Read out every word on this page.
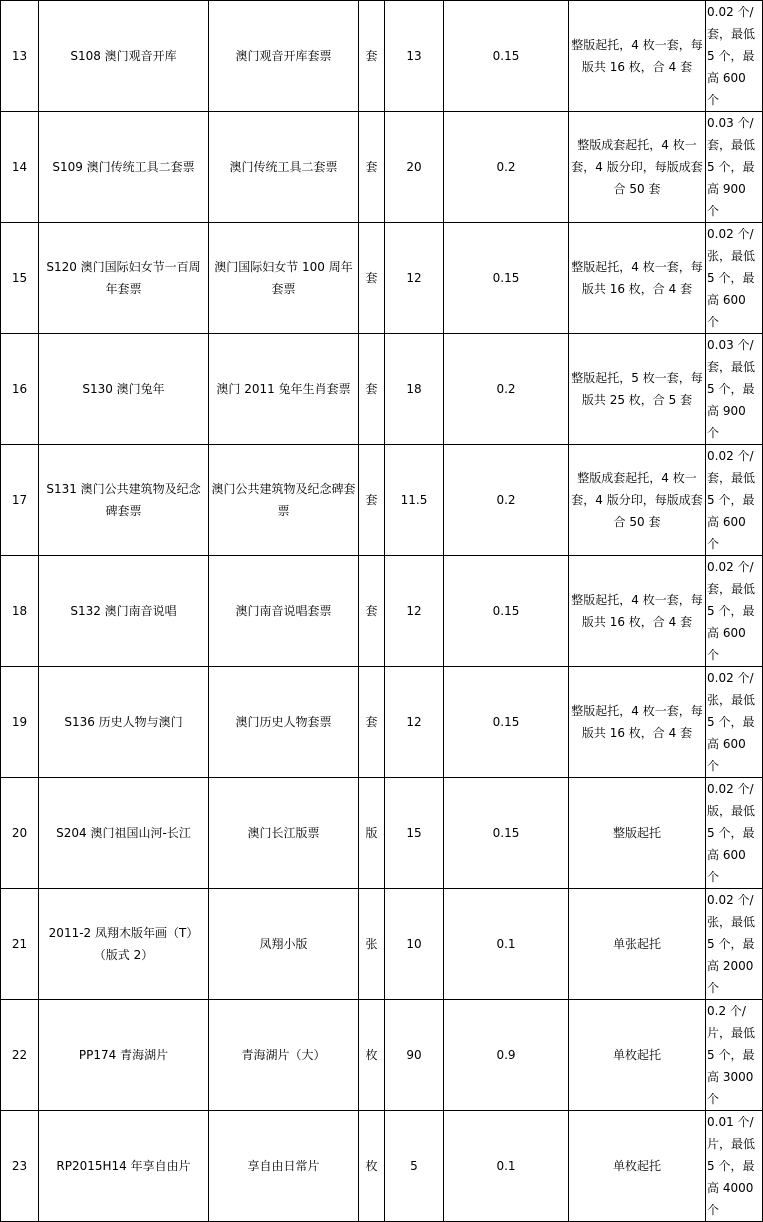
13	S108 澳门观音开库	澳门观音开库套票	套	13	0.15	整版起托，4 枚一套，每版共 16 枚，合 4 套	0.02 个/套，最低 5 个，最高 600 个
14	S109 澳门传统工具二套票	澳门传统工具二套票	套	20	0.2	整版成套起托，4 枚一套，4 版分印，每版成套合 50 套	0.03 个/套，最低 5 个，最高 900 个
15	S120 澳门国际妇女节一百周年套票	澳门国际妇女节 100 周年套票	套	12	0.15	整版起托，4 枚一套，每版共 16 枚，合 4 套	0.02 个/张，最低 5 个，最高 600 个
16	S130 澳门兔年	澳门 2011 兔年生肖套票	套	18	0.2	整版起托，5 枚一套，每版共 25 枚，合 5 套	0.03 个/套，最低 5 个，最高 900 个
17	S131 澳门公共建筑物及纪念碑套票	澳门公共建筑物及纪念碑套票	套	11.5	0.2	整版成套起托，4 枚一套，4 版分印，每版成套合 50 套	0.02 个/套，最低 5 个，最高 600 个
18	S132 澳门南音说唱	澳门南音说唱套票	套	12	0.15	整版起托，4 枚一套，每版共 16 枚，合 4 套	0.02 个/套，最低 5 个，最高 600 个
19	S136 历史人物与澳门	澳门历史人物套票	套	12	0.15	整版起托，4 枚一套，每版共 16 枚，合 4 套	0.02 个/张，最低 5 个，最高 600 个
20	S204 澳门祖国山河-长江	澳门长江版票	版	15	0.15	整版起托	0.02 个/版，最低 5 个，最高 600 个
21	2011-2 凤翔木版年画（T）（版式 2）	凤翔小版	张	10	0.1	单张起托	0.02 个/张，最低 5 个，最高 2000 个
22	PP174 青海湖片	青海湖片（大）	枚	90	0.9	单枚起托	0.2 个/片，最低 5 个，最高 3000 个
23	RP2015H14 年享自由片	享自由日常片	枚	5	0.1	单枚起托	0.01 个/片，最低 5 个，最高 4000 个
